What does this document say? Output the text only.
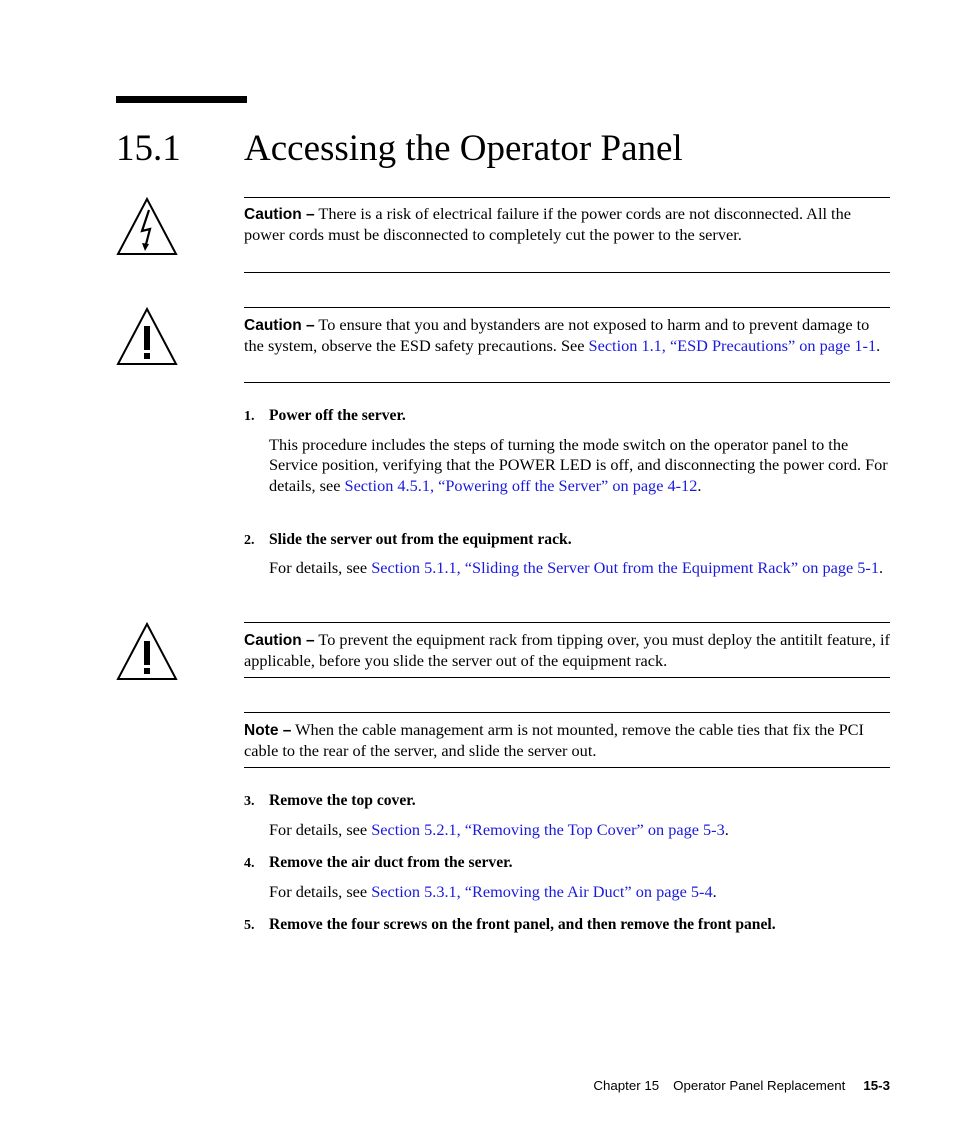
15.1 Accessing the Operator Panel

Caution – There is a risk of electrical failure if the power cords are not disconnected. All the power cords must be disconnected to completely cut the power to the server.

Caution – To ensure that you and bystanders are not exposed to harm and to prevent damage to the system, observe the ESD safety precautions. See Section 1.1, “ESD Precautions” on page 1-1.

1. Power off the server.

This procedure includes the steps of turning the mode switch on the operator panel to the Service position, verifying that the POWER LED is off, and disconnecting the power cord. For details, see Section 4.5.1, “Powering off the Server” on page 4-12.

2. Slide the server out from the equipment rack.

For details, see Section 5.1.1, “Sliding the Server Out from the Equipment Rack” on page 5-1.

Caution – To prevent the equipment rack from tipping over, you must deploy the antitilt feature, if applicable, before you slide the server out of the equipment rack.

Note – When the cable management arm is not mounted, remove the cable ties that fix the PCI cable to the rear of the server, and slide the server out.

3. Remove the top cover.

For details, see Section 5.2.1, “Removing the Top Cover” on page 5-3.

4. Remove the air duct from the server.

For details, see Section 5.3.1, “Removing the Air Duct” on page 5-4.

5. Remove the four screws on the front panel, and then remove the front panel.
Chapter 15 Operator Panel Replacement 15-3
